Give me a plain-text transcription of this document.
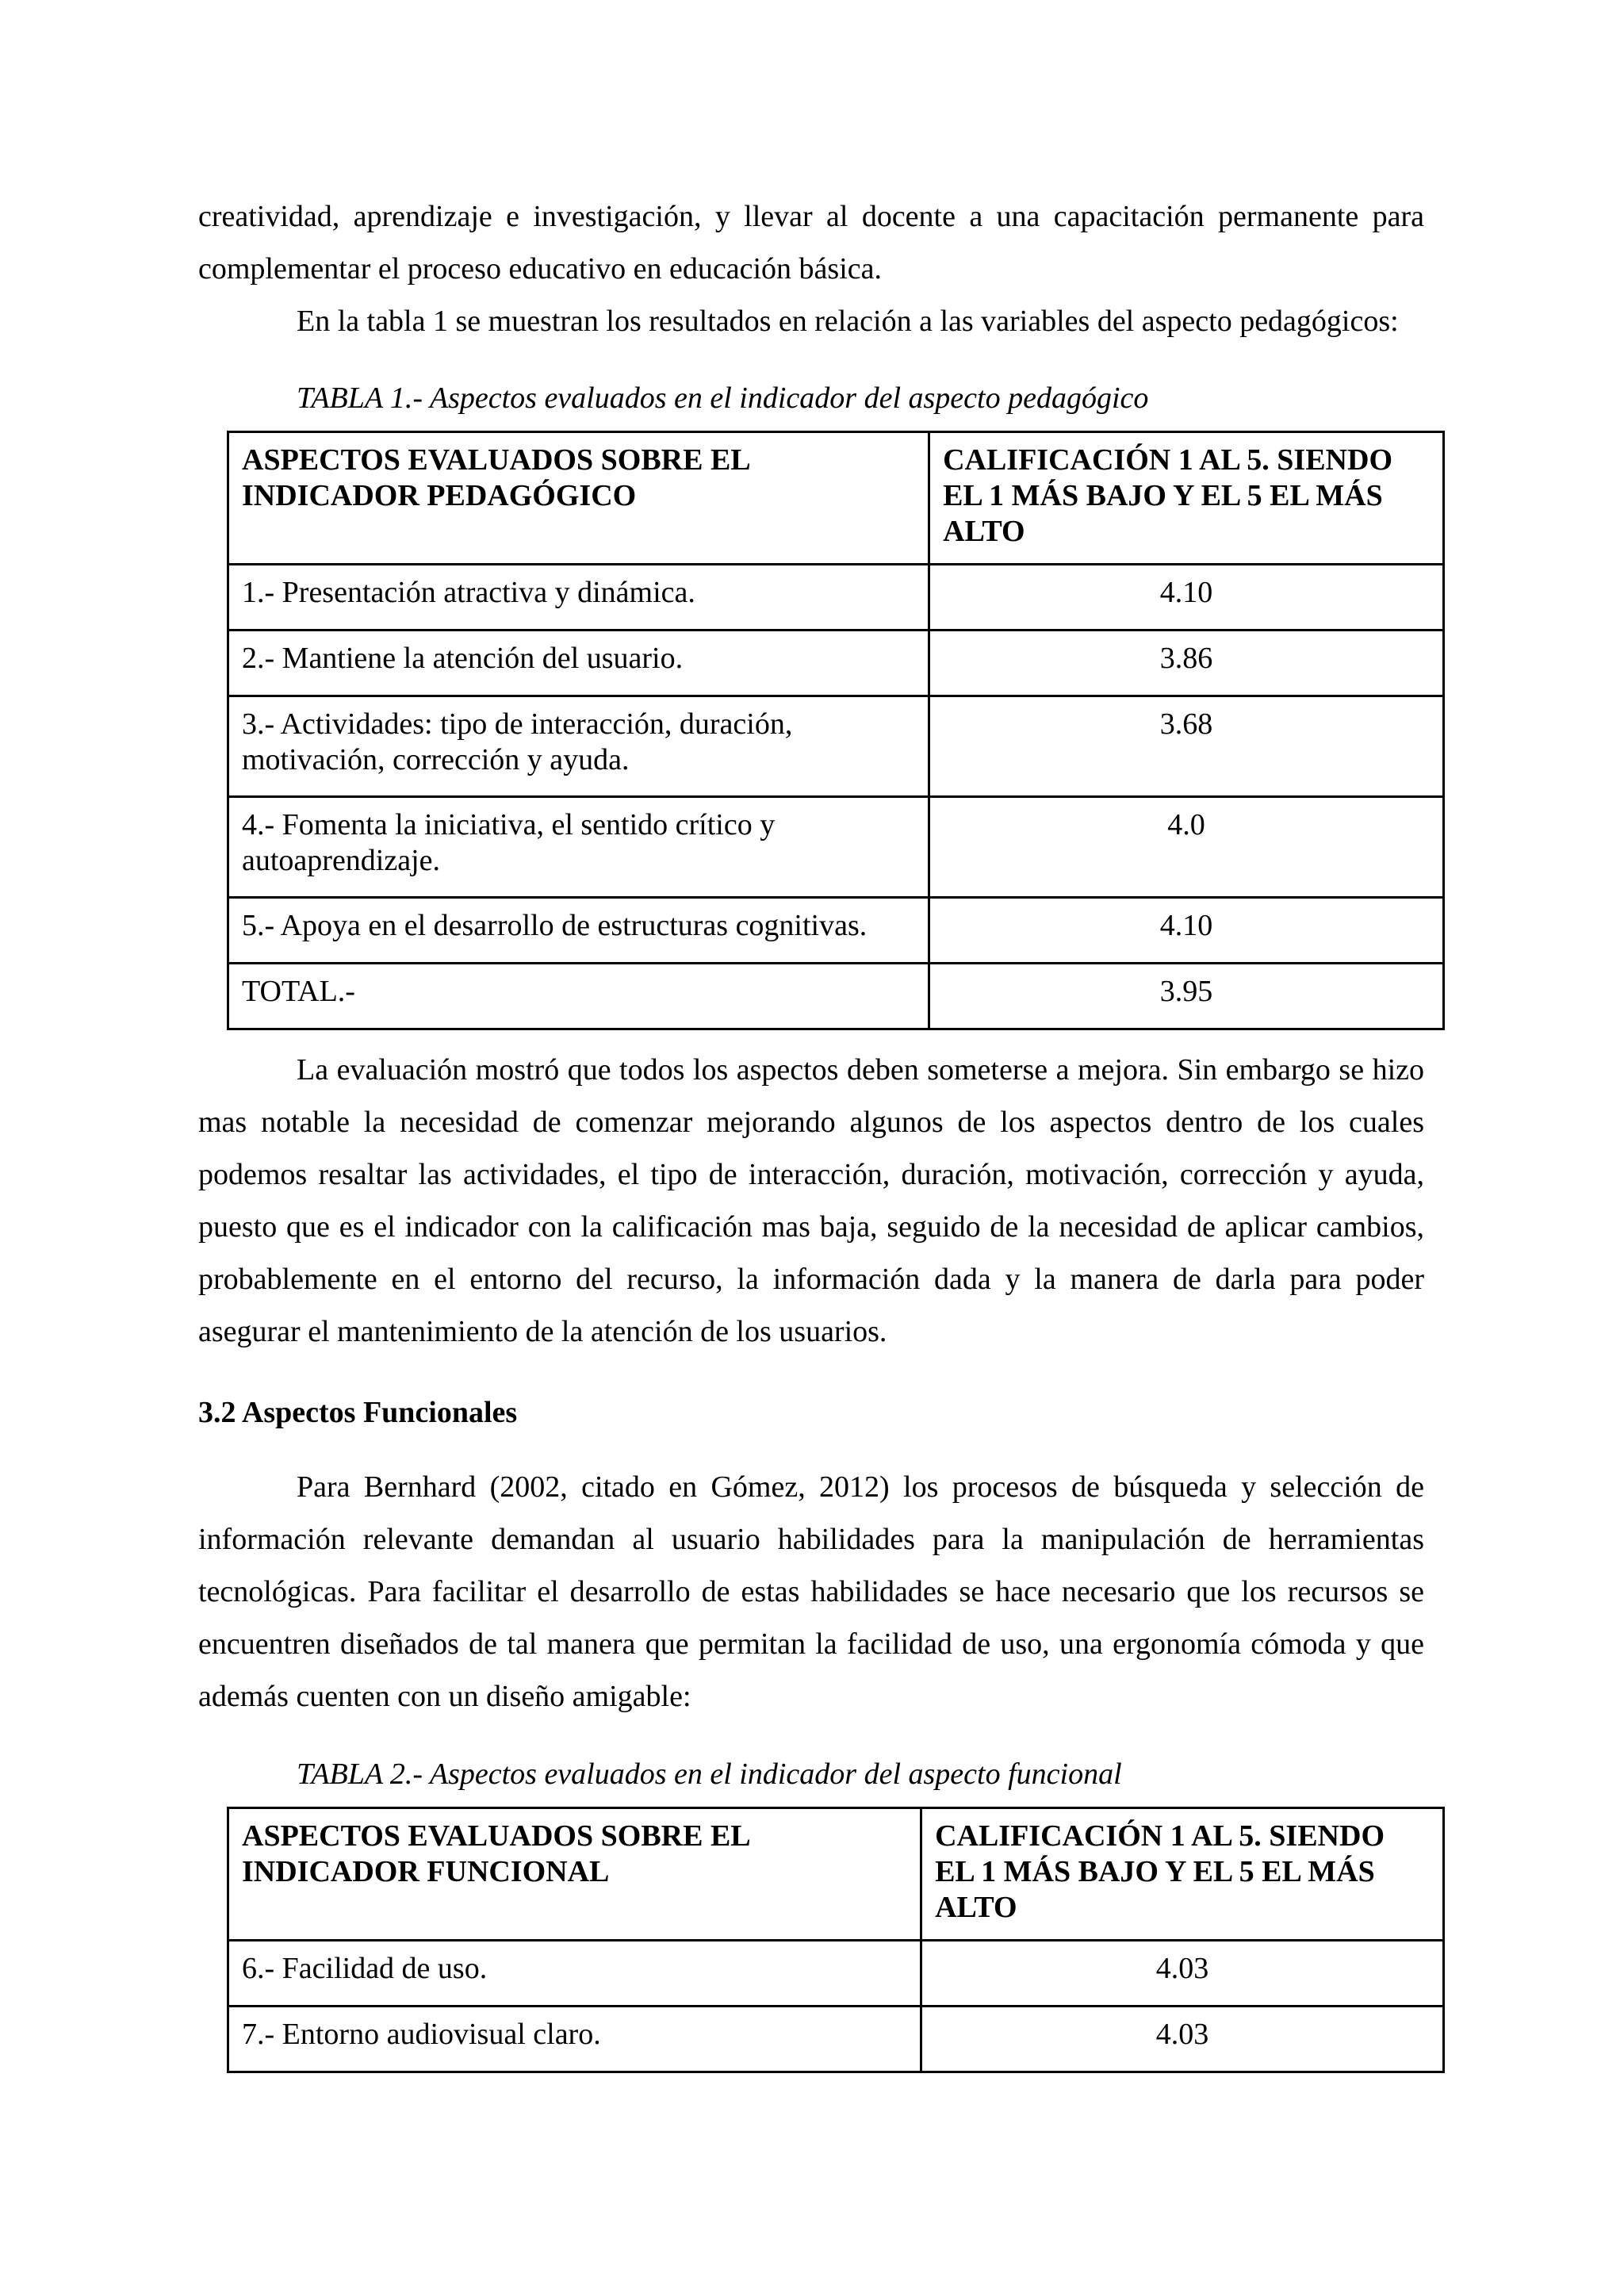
creatividad, aprendizaje e investigación, y llevar al docente a una capacitación permanente para complementar el proceso educativo en educación básica.

En la tabla 1 se muestran los resultados en relación a las variables del aspecto pedagógicos:

TABLA 1.- Aspectos evaluados en el indicador del aspecto pedagógico

ASPECTOS EVALUADOS SOBRE EL INDICADOR PEDAGÓGICO	CALIFICACIÓN 1 AL 5. SIENDO EL 1 MÁS BAJO Y EL 5 EL MÁS ALTO
1.- Presentación atractiva y dinámica.	4.10
2.- Mantiene la atención del usuario.	3.86
3.- Actividades: tipo de interacción, duración, motivación, corrección y ayuda.	3.68
4.- Fomenta la iniciativa, el sentido crítico y autoaprendizaje.	4.0
5.- Apoya en el desarrollo de estructuras cognitivas.	4.10
TOTAL.-	3.95

La evaluación mostró que todos los aspectos deben someterse a mejora. Sin embargo se hizo mas notable la necesidad de comenzar mejorando algunos de los aspectos dentro de los cuales podemos resaltar las actividades, el tipo de interacción, duración, motivación, corrección y ayuda, puesto que es el indicador con la calificación mas baja, seguido de la necesidad de aplicar cambios, probablemente en el entorno del recurso, la información dada y la manera de darla para poder asegurar el mantenimiento de la atención de los usuarios.

3.2 Aspectos Funcionales

Para Bernhard (2002, citado en Gómez, 2012) los procesos de búsqueda y selección de información relevante demandan al usuario habilidades para la manipulación de herramientas tecnológicas. Para facilitar el desarrollo de estas habilidades se hace necesario que los recursos se encuentren diseñados de tal manera que permitan la facilidad de uso, una ergonomía cómoda y que además cuenten con un diseño amigable:

TABLA 2.- Aspectos evaluados en el indicador del aspecto funcional

ASPECTOS EVALUADOS SOBRE EL INDICADOR FUNCIONAL	CALIFICACIÓN 1 AL 5. SIENDO EL 1 MÁS BAJO Y EL 5 EL MÁS ALTO
6.- Facilidad de uso.	4.03
7.- Entorno audiovisual claro.	4.03
